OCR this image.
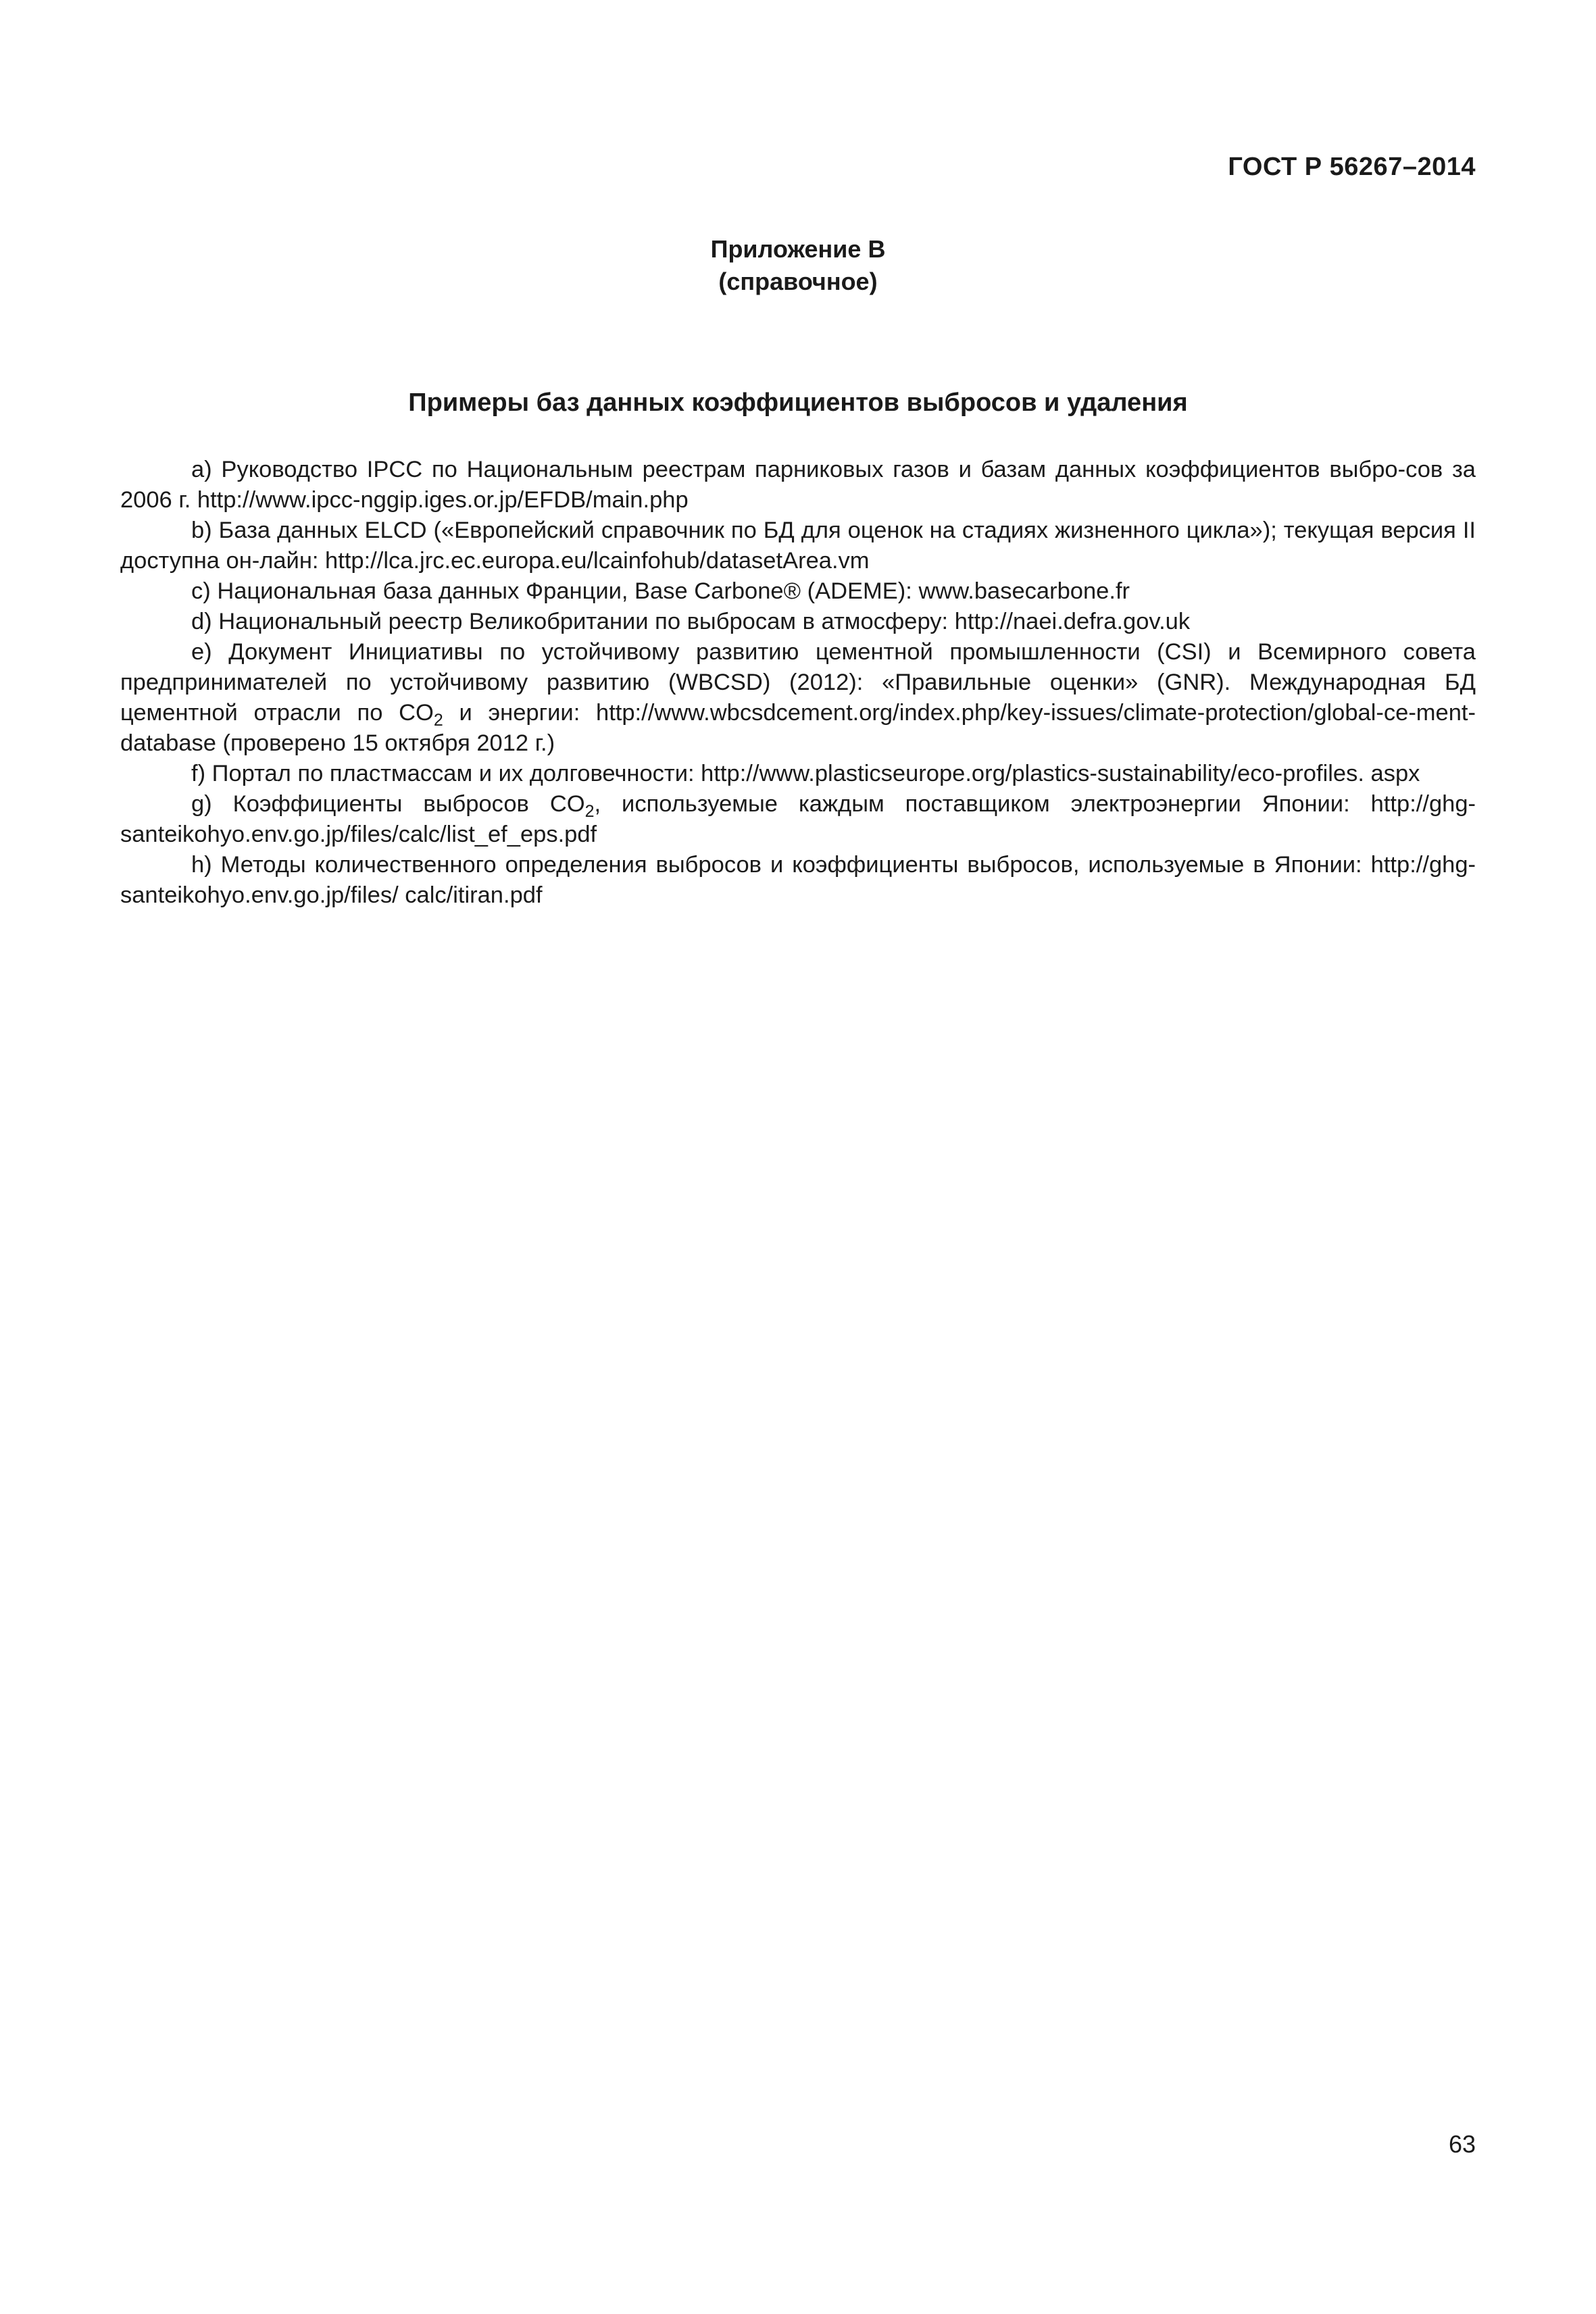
ГОСТ Р 56267–2014
Приложение В
(справочное)
Примеры баз данных коэффициентов выбросов и удаления

a) Руководство IPCC по Национальным реестрам парниковых газов и базам данных коэффициентов выбро-сов за 2006 г. http://www.ipcc-nggip.iges.or.jp/EFDB/main.php

b) База данных ELCD («Европейский справочник по БД для оценок на стадиях жизненного цикла»); текущая версия II доступна он-лайн: http://lca.jrc.ec.europa.eu/lcainfohub/datasetArea.vm

c) Национальная база данных Франции, Base Carbone® (ADEME): www.basecarbone.fr

d) Национальный реестр Великобритании по выбросам в атмосферу: http://naei.defra.gov.uk

e) Документ Инициативы по устойчивому развитию цементной промышленности (CSI) и Всемирного совета предпринимателей по устойчивому развитию (WBCSD) (2012): «Правильные оценки» (GNR). Международная БД цементной отрасли по $CO_2$ и энергии: http://www.wbcsdcement.org/index.php/key-issues/climate-protection/global-ce-ment-database (проверено 15 октября 2012 г.)

f) Портал по пластмассам и их долговечности: http://www.plasticseurope.org/plastics-sustainability/eco-profiles. aspx

g) Коэффициенты выбросов $CO_2$, используемые каждым поставщиком электроэнергии Японии: http://ghg-santeikohyo.env.go.jp/files/calc/list_ef_eps.pdf

h) Методы количественного определения выбросов и коэффициенты выбросов, используемые в Японии: http://ghg-santeikohyo.env.go.jp/files/ calc/itiran.pdf

63
